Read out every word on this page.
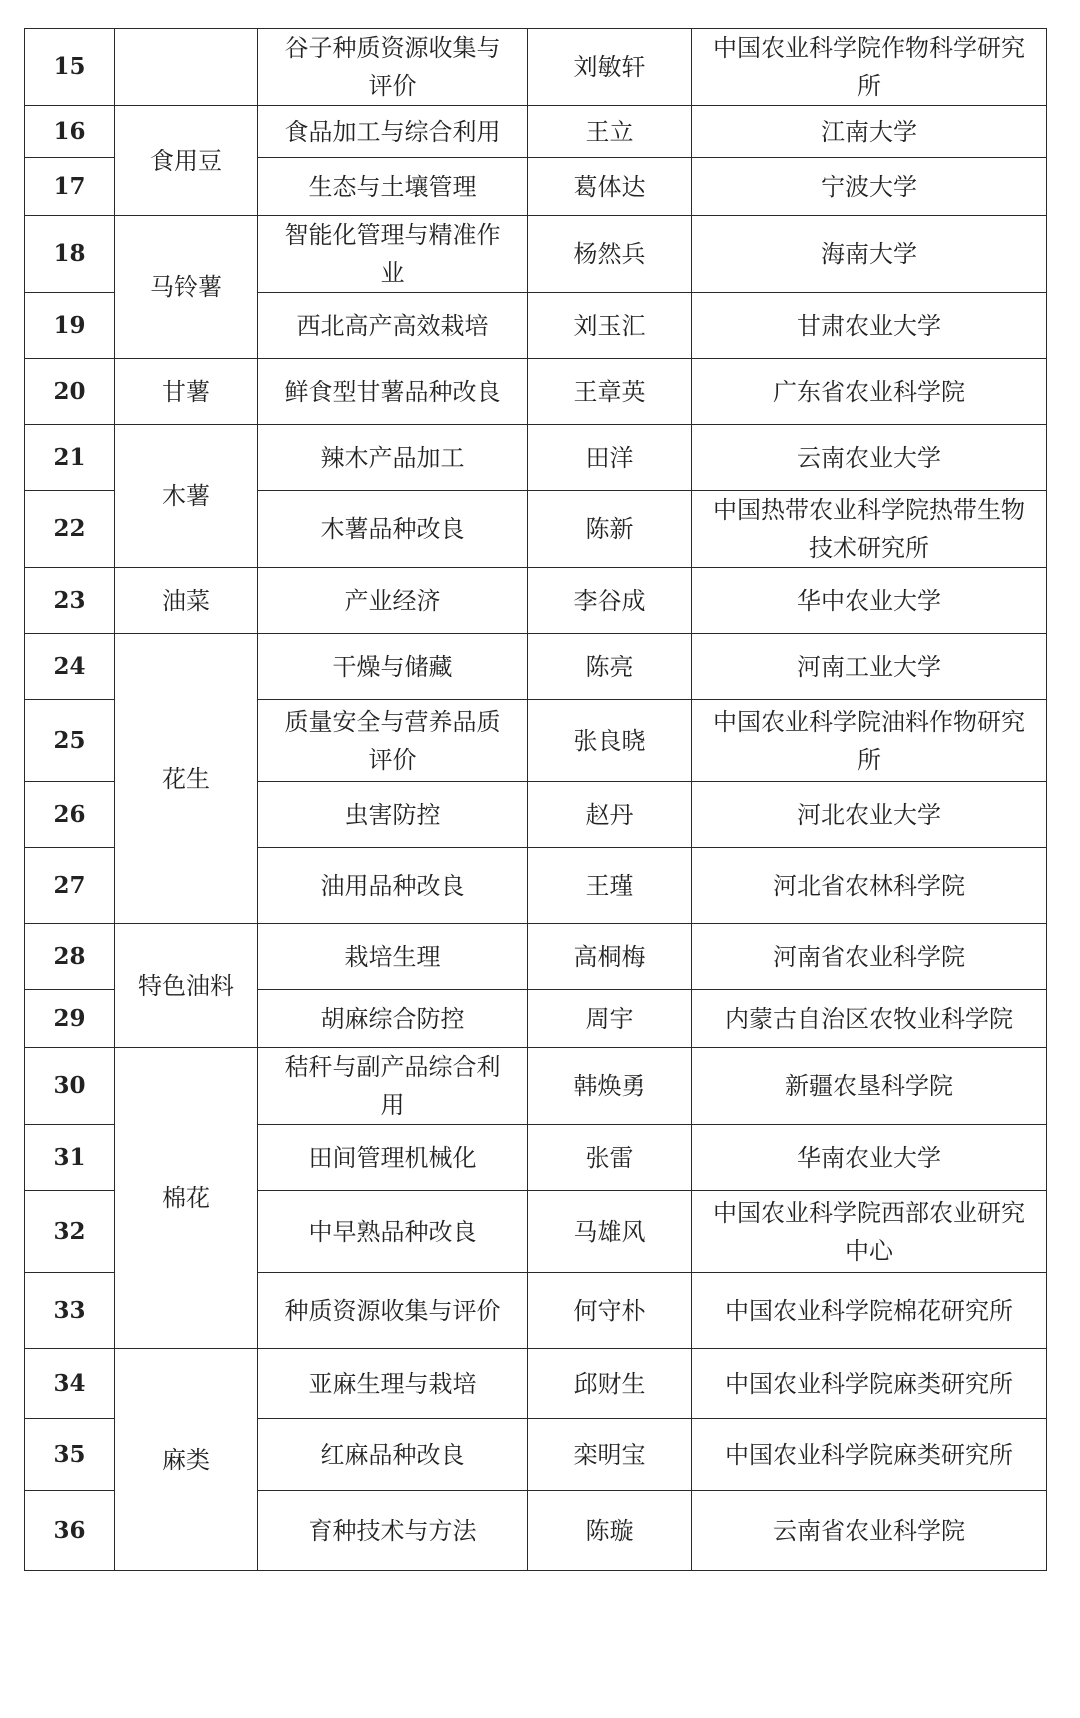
15		谷子种质资源收集与评价	刘敏轩	中国农业科学院作物科学研究所
16	食用豆	食品加工与综合利用	王立	江南大学
17		生态与土壤管理	葛体达	宁波大学
18	马铃薯	智能化管理与精准作业	杨然兵	海南大学
19		西北高产高效栽培	刘玉汇	甘肃农业大学
20	甘薯	鲜食型甘薯品种改良	王章英	广东省农业科学院
21	木薯	辣木产品加工	田洋	云南农业大学
22		木薯品种改良	陈新	中国热带农业科学院热带生物技术研究所
23	油菜	产业经济	李谷成	华中农业大学
24	花生	干燥与储藏	陈亮	河南工业大学
25		质量安全与营养品质评价	张良晓	中国农业科学院油料作物研究所
26		虫害防控	赵丹	河北农业大学
27		油用品种改良	王瑾	河北省农林科学院
28	特色油料	栽培生理	高桐梅	河南省农业科学院
29		胡麻综合防控	周宇	内蒙古自治区农牧业科学院
30	棉花	秸秆与副产品综合利用	韩焕勇	新疆农垦科学院
31		田间管理机械化	张雷	华南农业大学
32		中早熟品种改良	马雄风	中国农业科学院西部农业研究中心
33		种质资源收集与评价	何守朴	中国农业科学院棉花研究所
34	麻类	亚麻生理与栽培	邱财生	中国农业科学院麻类研究所
35		红麻品种改良	栾明宝	中国农业科学院麻类研究所
36		育种技术与方法	陈璇	云南省农业科学院
